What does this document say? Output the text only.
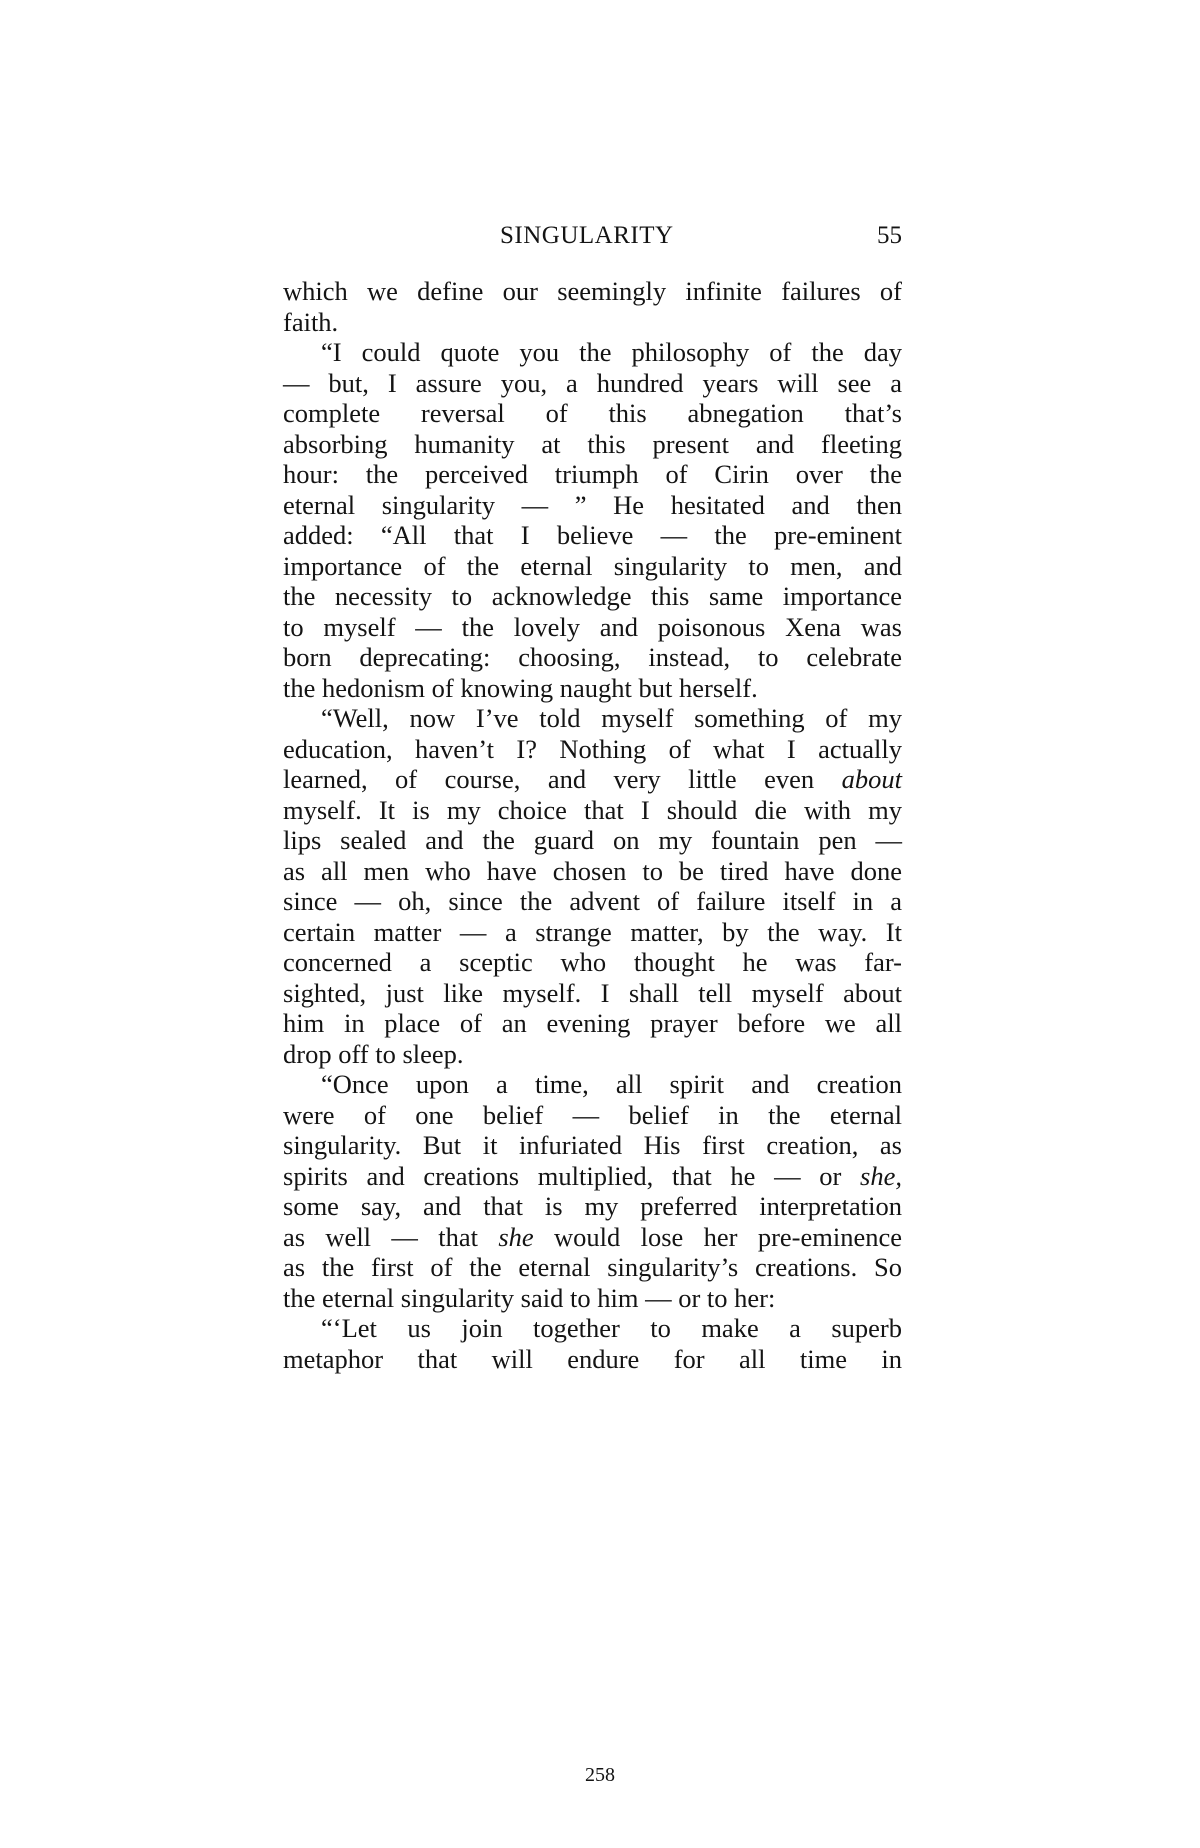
SINGULARITY	55
which we define our seemingly infinite failures of
faith.
“I could quote you the philosophy of the day
— but, I assure you, a hundred years will see a
complete reversal of this abnegation that’s
absorbing humanity at this present and fleeting
hour: the perceived triumph of Cirin over the
eternal singularity — ” He hesitated and then
added: “All that I believe — the pre-eminent
importance of the eternal singularity to men, and
the necessity to acknowledge this same importance
to myself — the lovely and poisonous Xena was
born deprecating: choosing, instead, to celebrate
the hedonism of knowing naught but herself.
“Well, now I’ve told myself something of my
education, haven’t I? Nothing of what I actually
learned, of course, and very little even about
myself. It is my choice that I should die with my
lips sealed and the guard on my fountain pen —
as all men who have chosen to be tired have done
since — oh, since the advent of failure itself in a
certain matter — a strange matter, by the way. It
concerned a sceptic who thought he was far-
sighted, just like myself. I shall tell myself about
him in place of an evening prayer before we all
drop off to sleep.
“Once upon a time, all spirit and creation
were of one belief — belief in the eternal
singularity. But it infuriated His first creation, as
spirits and creations multiplied, that he — or she,
some say, and that is my preferred interpretation
as well — that she would lose her pre-eminence
as the first of the eternal singularity’s creations. So
the eternal singularity said to him — or to her:
“‘Let us join together to make a superb
metaphor that will endure for all time in
258
